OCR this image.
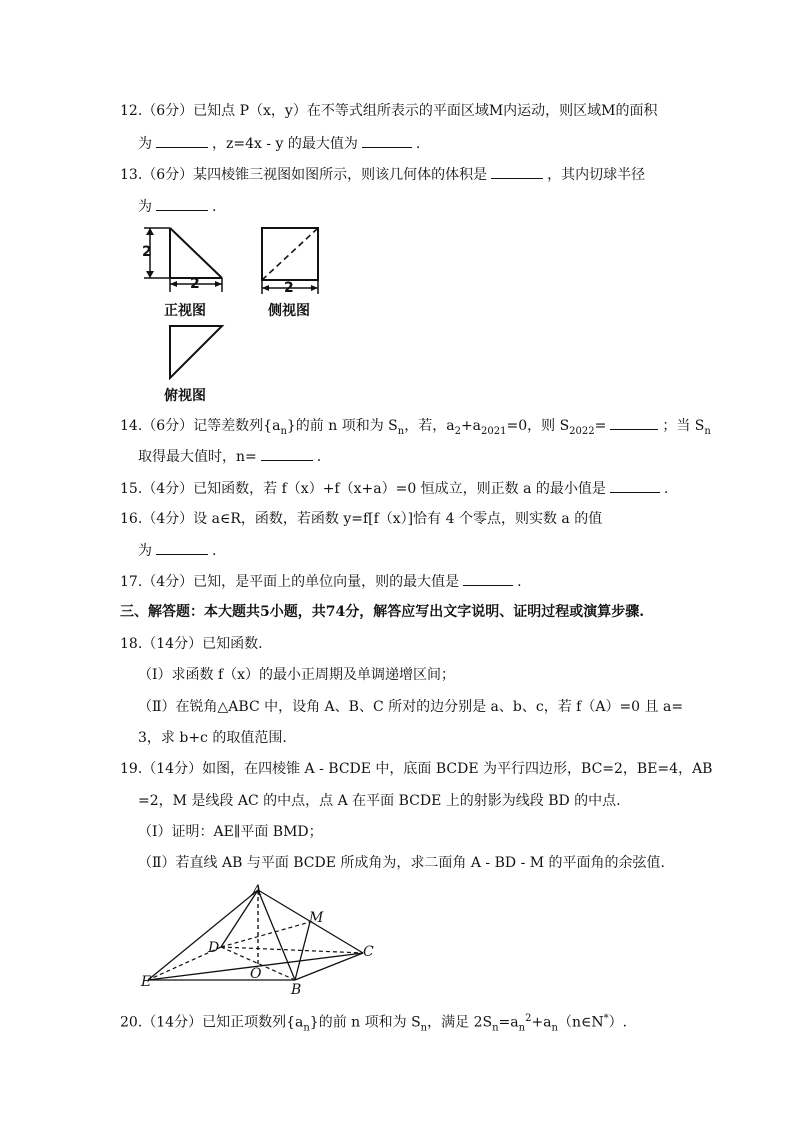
12.（6分）已知点 P（x，y）在不等式组所表示的平面区域M内运动，则区域M的面积
为	，z=4x - y 的最大值为	.
13.（6分）某四棱锥三视图如图所示，则该几何体的体积是	，其内切球半径
为	.
2
2	2
正视图	侧视图
俯视图
14.（6分）记等差数列$\{a_n\}$的前 n 项和为 $S_n$，若，$a_2+a_{2021}=0$，则 $S_{2022}=$	；当 $S_n$
取得最大值时，n=	.
15.（4分）已知函数，若 f（x）+f（x+a）=0 恒成立，则正数 a 的最小值是	.
16.（4分）设 a∈R，函数，若函数 y=f[f（x）]恰有 4 个零点，则实数 a 的值
为	.
17.（4分）已知，是平面上的单位向量，则的最大值是	.
三、解答题：本大题共5小题，共74分，解答应写出文字说明、证明过程或演算步骤.
18.（14分）已知函数.
（Ⅰ）求函数 f（x）的最小正周期及单调递增区间；
（Ⅱ）在锐角△ABC 中，设角 A、B、C 所对的边分别是 a、b、c，若 f（A）=0 且 a=
3，求 b+c 的取值范围.
19.（14分）如图，在四棱锥 A - BCDE 中，底面 BCDE 为平行四边形，BC=2，BE=4，AB
=2，M 是线段 AC 的中点，点 A 在平面 BCDE 上的射影为线段 BD 的中点.
（Ⅰ）证明：AE∥平面 BMD；
（Ⅱ）若直线 AB 与平面 BCDE 所成角为，求二面角 A - BD - M 的平面角的余弦值.
A
M
D	C
O
E	B
20.（14分）已知正项数列$\{a_n\}$的前 n 项和为 $S_n$，满足 $2S_n=a_n^2+a_n(n\in N^*)$.
